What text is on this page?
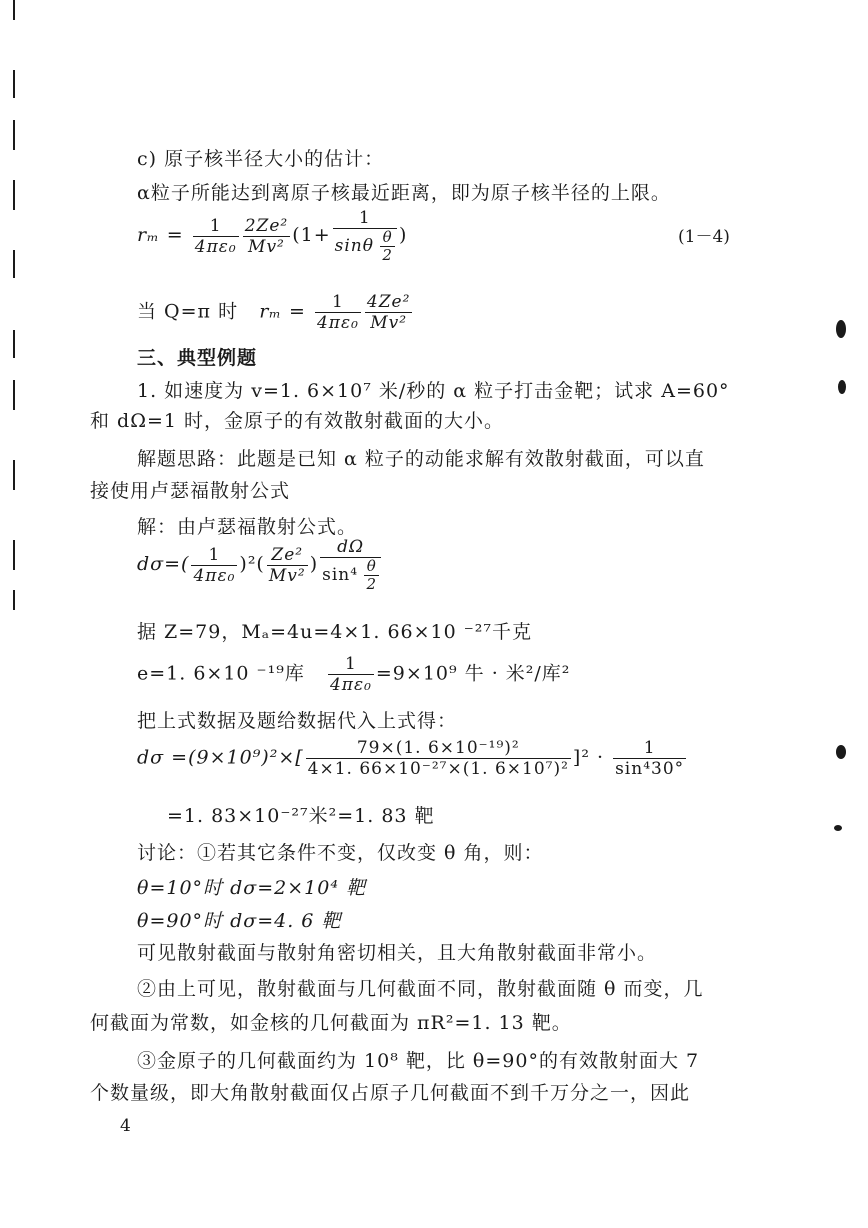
c) 原子核半径大小的估计：
α粒子所能达到离原子核最近距离，即为原子核半径的上限。
$r_m = \frac{1}{\text{4πε₀}} \frac{\text{2Ze²}}{\text{Mv²}} (1+ \frac{1}{\sin\theta \frac{\theta}{2}}$ )	(1－4)
当 Q=π 时 $r_m = \frac{1}{\text{4πε₀}} \frac{\text{4Ze²}}{\text{Mv²}}$
三、典型例题
1. 如速度为 v=1. 6×10⁷ 米/秒的 α 粒子打击金靶；试求 A=60°
和 dΩ=1 时，金原子的有效散射截面的大小。
解题思路：此题是已知 α 粒子的动能求解有效散射截面，可以直
接使用卢瑟福散射公式
解：由卢瑟福散射公式。
$d\sigma=( \frac{1}{\text{4πε₀}} )^2( \frac{\text{Ze²}}{\text{Mv²}}$ ) $\frac{d\Omega}{\sin^4 \frac{\theta}{2}}$
据 Z=79，Mₐ=4u=4×1. 66×10 ⁻²⁷千克
e=1. 6×10 ⁻¹⁹库 $\frac{1}{\text{4πε₀}} =9\times 10^9$ 牛 · 米²/库²
把上式数据及题给数据代入上式得：
$d\sigma =(9\times 10^9)^2\times[ \frac{\text{79×(1. 6×10⁻¹⁹)²}}{\text{4×1. 66×10⁻²⁷×(1. 6×10⁷)²}} ]^2 \cdot \frac{1}{\text{sin⁴30°}}$
=1. 83×10⁻²⁷米²=1. 83 靶
讨论：①若其它条件不变，仅改变 θ 角，则：
θ=10°时 dσ=2×10⁴ 靶
θ=90°时 dσ=4. 6 靶
可见散射截面与散射角密切相关，且大角散射截面非常小。
②由上可见，散射截面与几何截面不同，散射截面随 θ 而变，几
何截面为常数，如金核的几何截面为 πR²=1. 13 靶。
③金原子的几何截面约为 10⁸ 靶，比 θ=90°的有效散射面大 7
个数量级，即大角散射截面仅占原子几何截面不到千万分之一，因此
4
